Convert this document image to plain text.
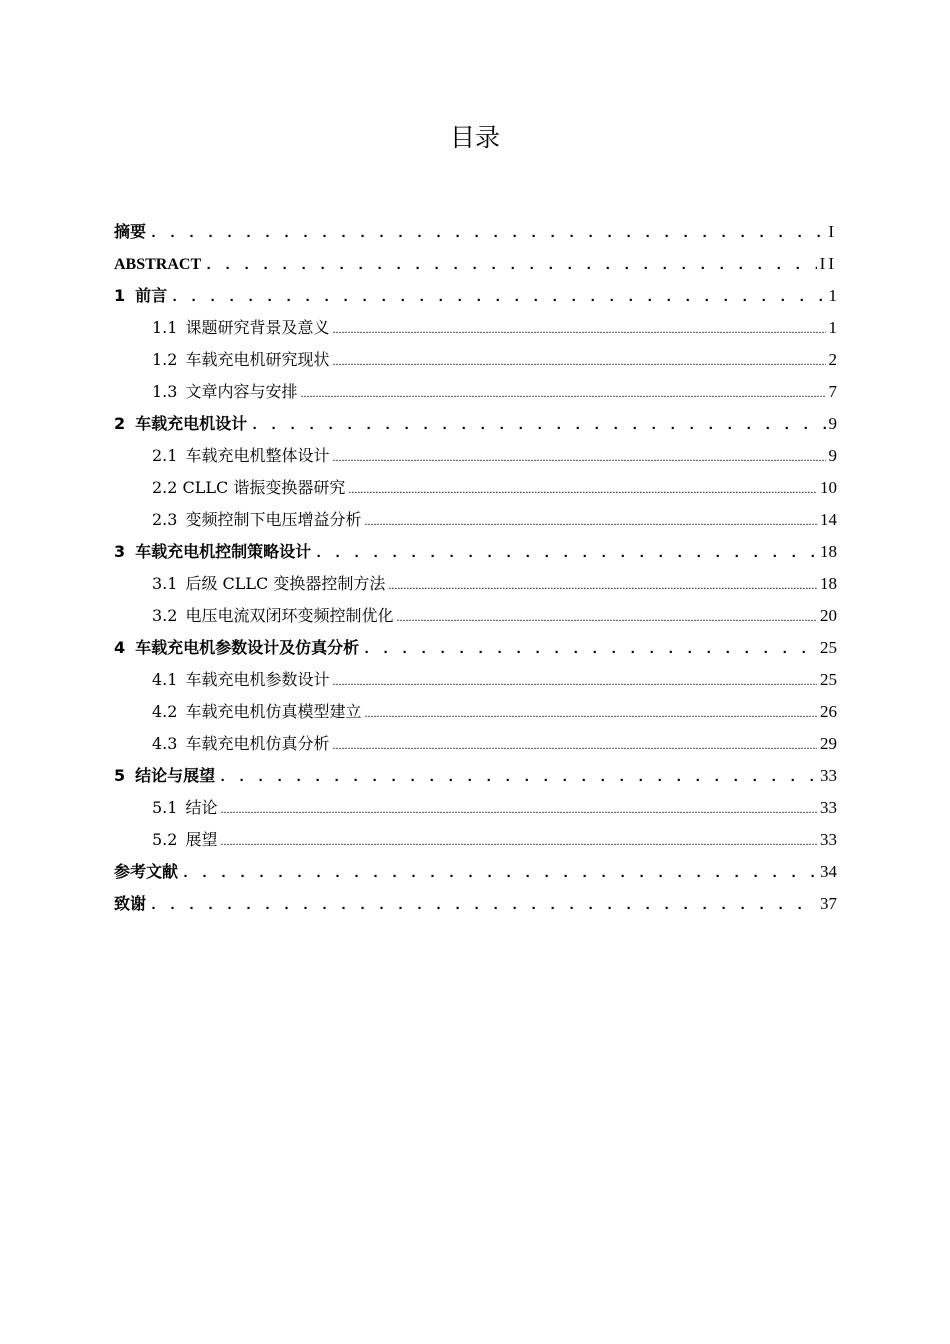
目录
摘要 . . .	I
ABSTRACT . . .	II
1 前言 . . .	1
1.1 课题研究背景及意义 .....	1
1.2 车载充电机研究现状 .....	2
1.3 文章内容与安排 .....	7
2 车载充电机设计 . . .	9
2.1 车载充电机整体设计 .....	9
2.2 CLLC 谐振变换器研究 .....	10
2.3 变频控制下电压增益分析 .....	14
3 车载充电机控制策略设计 . . .	18
3.1 后级 CLLC 变换器控制方法 .....	18
3.2 电压电流双闭环变频控制优化 .....	20
4 车载充电机参数设计及仿真分析 . . .	25
4.1 车载充电机参数设计 .....	25
4.2 车载充电机仿真模型建立 .....	26
4.3 车载充电机仿真分析 .....	29
5 结论与展望 . . .	33
5.1 结论 .....	33
5.2 展望 .....	33
参考文献 . . .	34
致谢 . . .	37
